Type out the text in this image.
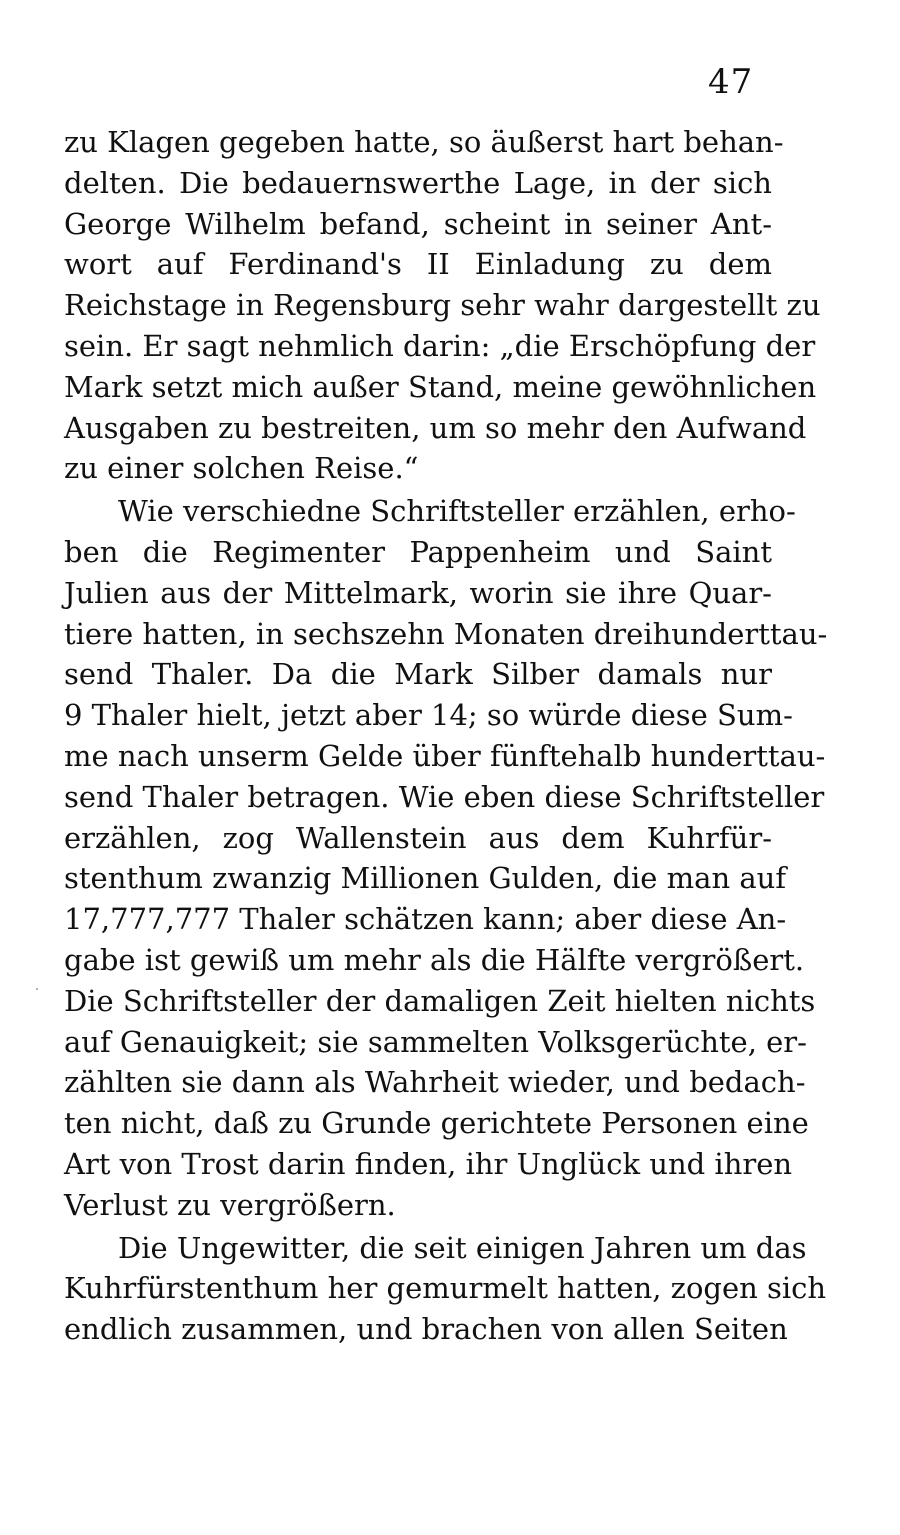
47
zu Klagen gegeben hatte, so äußerst hart behan-
delten. Die bedauernswerthe Lage, in der sich
George Wilhelm befand, scheint in seiner Ant-
wort auf Ferdinand's II Einladung zu dem
Reichstage in Regensburg sehr wahr dargestellt zu
sein. Er sagt nehmlich darin: „die Erschöpfung der
Mark setzt mich außer Stand, meine gewöhnlichen
Ausgaben zu bestreiten, um so mehr den Aufwand
zu einer solchen Reise.“
Wie verschiedne Schriftsteller erzählen, erho-
ben die Regimenter Pappenheim und Saint
Julien aus der Mittelmark, worin sie ihre Quar-
tiere hatten, in sechszehn Monaten dreihunderttau-
send Thaler. Da die Mark Silber damals nur
9 Thaler hielt, jetzt aber 14; so würde diese Sum-
me nach unserm Gelde über fünftehalb hunderttau-
send Thaler betragen. Wie eben diese Schriftsteller
erzählen, zog Wallenstein aus dem Kuhrfür-
stenthum zwanzig Millionen Gulden, die man auf
17,777,777 Thaler schätzen kann; aber diese An-
gabe ist gewiß um mehr als die Hälfte vergrößert.
Die Schriftsteller der damaligen Zeit hielten nichts
auf Genauigkeit; sie sammelten Volksgerüchte, er-
zählten sie dann als Wahrheit wieder, und bedach-
ten nicht, daß zu Grunde gerichtete Personen eine
Art von Trost darin finden, ihr Unglück und ihren
Verlust zu vergrößern.
Die Ungewitter, die seit einigen Jahren um das
Kuhrfürstenthum her gemurmelt hatten, zogen sich
endlich zusammen, und brachen von allen Seiten
